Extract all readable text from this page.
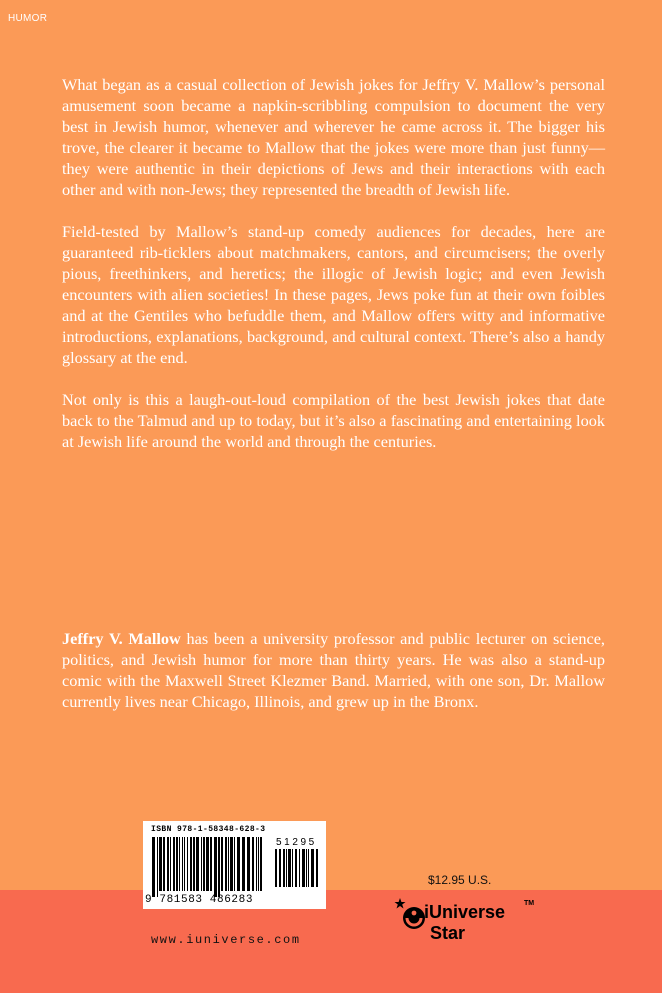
HUMOR

What began as a casual collection of Jewish jokes for Jeffry V. Mallow’s personal amusement soon became a napkin-scribbling compulsion to document the very best in Jewish humor, whenever and wherever he came across it. The bigger his trove, the clearer it became to Mallow that the jokes were more than just funny—they were authentic in their depictions of Jews and their interactions with each other and with non-Jews; they represented the breadth of Jewish life.

Field-tested by Mallow’s stand-up comedy audiences for decades, here are guaranteed rib-ticklers about matchmakers, cantors, and circumcisers; the overly pious, freethinkers, and heretics; the illogic of Jewish logic; and even Jewish encounters with alien societies! In these pages, Jews poke fun at their own foibles and at the Gentiles who befuddle them, and Mallow offers witty and informative introductions, explanations, background, and cultural context. There’s also a handy glossary at the end.

Not only is this a laugh-out-loud compilation of the best Jewish jokes that date back to the Talmud and up to today, but it’s also a fascinating and entertaining look at Jewish life around the world and through the centuries.

Jeffry V. Mallow has been a university professor and public lecturer on science, politics, and Jewish humor for more than thirty years. He was also a stand-up comic with the Maxwell Street Klezmer Band. Married, with one son, Dr. Mallow currently lives near Chicago, Illinois, and grew up in the Bronx.

ISBN 978-1-58348-628-3
51295
9 781583 486283
www.iuniverse.com
$12.95 U.S.
iUniverse	TM
Star
